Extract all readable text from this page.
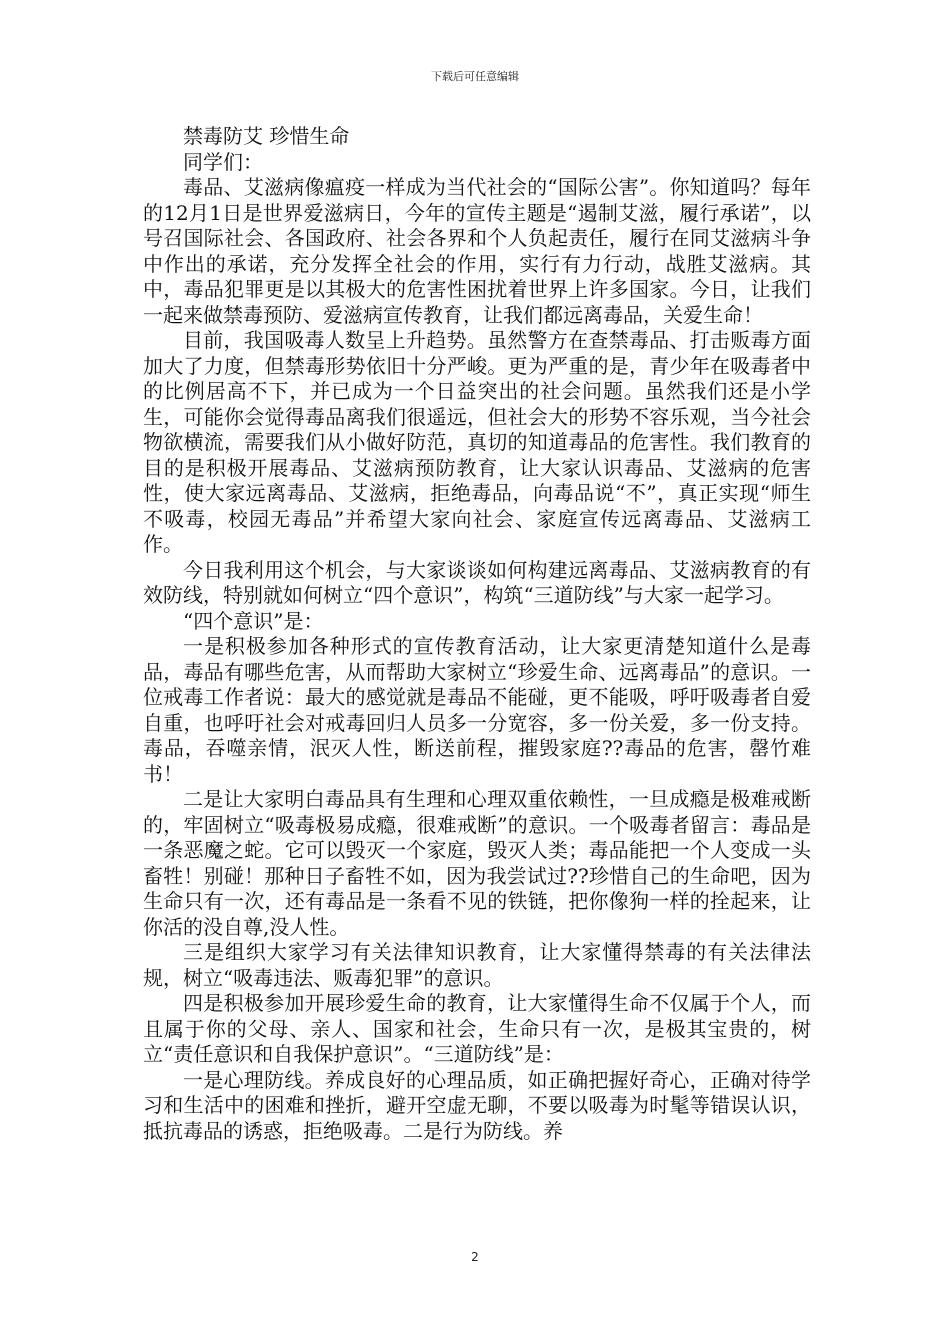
下载后可任意编辑

禁毒防艾 珍惜生命

同学们：

毒品、艾滋病像瘟疫一样成为当代社会的“国际公害”。你知道吗？每年的12月1日是世界爱滋病日，今年的宣传主题是“遏制艾滋，履行承诺”，以号召国际社会、各国政府、社会各界和个人负起责任，履行在同艾滋病斗争中作出的承诺，充分发挥全社会的作用，实行有力行动，战胜艾滋病。其中，毒品犯罪更是以其极大的危害性困扰着世界上许多国家。今日，让我们一起来做禁毒预防、爱滋病宣传教育，让我们都远离毒品，关爱生命！

目前，我国吸毒人数呈上升趋势。虽然警方在查禁毒品、打击贩毒方面加大了力度，但禁毒形势依旧十分严峻。更为严重的是，青少年在吸毒者中的比例居高不下，并已成为一个日益突出的社会问题。虽然我们还是小学生，可能你会觉得毒品离我们很遥远，但社会大的形势不容乐观，当今社会物欲横流，需要我们从小做好防范，真切的知道毒品的危害性。我们教育的目的是积极开展毒品、艾滋病预防教育，让大家认识毒品、艾滋病的危害性，使大家远离毒品、艾滋病，拒绝毒品，向毒品说“不”，真正实现“师生不吸毒，校园无毒品”并希望大家向社会、家庭宣传远离毒品、艾滋病工作。

今日我利用这个机会，与大家谈谈如何构建远离毒品、艾滋病教育的有效防线，特别就如何树立“四个意识”，构筑“三道防线”与大家一起学习。

“四个意识”是：

一是积极参加各种形式的宣传教育活动，让大家更清楚知道什么是毒品，毒品有哪些危害，从而帮助大家树立“珍爱生命、远离毒品”的意识。一位戒毒工作者说：最大的感觉就是毒品不能碰，更不能吸，呼吁吸毒者自爱自重，也呼吁社会对戒毒回归人员多一分宽容，多一份关爱，多一份支持。毒品，吞噬亲情，泯灭人性，断送前程，摧毁家庭??毒品的危害，罄竹难书！

二是让大家明白毒品具有生理和心理双重依赖性，一旦成瘾是极难戒断的，牢固树立“吸毒极易成瘾，很难戒断”的意识。一个吸毒者留言：毒品是一条恶魔之蛇。它可以毁灭一个家庭，毁灭人类；毒品能把一个人变成一头畜牲！别碰！那种日子畜牲不如，因为我尝试过??珍惜自己的生命吧，因为生命只有一次，还有毒品是一条看不见的铁链，把你像狗一样的拴起来，让你活的没自尊,没人性。

三是组织大家学习有关法律知识教育，让大家懂得禁毒的有关法律法规，树立“吸毒违法、贩毒犯罪”的意识。

四是积极参加开展珍爱生命的教育，让大家懂得生命不仅属于个人，而且属于你的父母、亲人、国家和社会，生命只有一次，是极其宝贵的，树立“责任意识和自我保护意识”。“三道防线”是：

一是心理防线。养成良好的心理品质，如正确把握好奇心，正确对待学习和生活中的困难和挫折，避开空虚无聊，不要以吸毒为时髦等错误认识，抵抗毒品的诱惑，拒绝吸毒。二是行为防线。养

2
